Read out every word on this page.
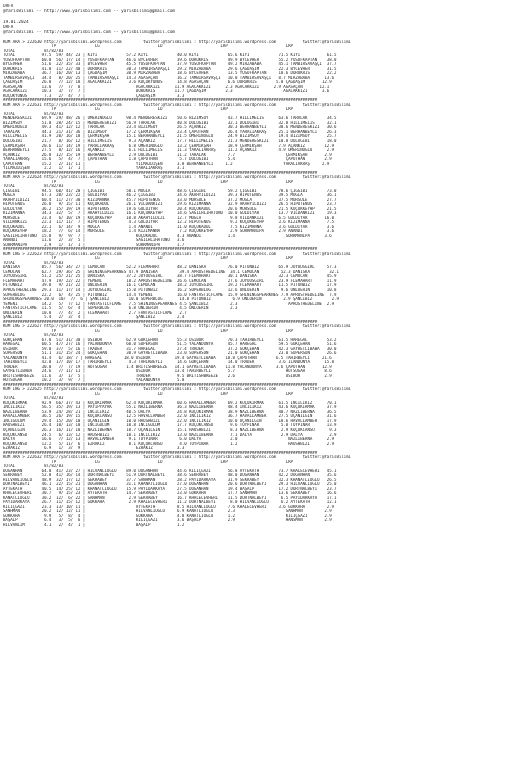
URFA
@YarisBilimi -- http://www.yarisbilimi.com -- yarisbilimi@gmail.com
19.01.2024
URFA
@YarisBilimi -- http://www.yarisbilimi.com -- yarisbilimi@gmail.com
KUM ARA > 222630 http://yarisbilimi.wordpress.com         twitter:@YarisBilimi : http://yarisbilimi.wordpress.com           twitter:@YarisBilimi
TP                LG                        LD                        LRP                        LRP
TOTAL            8l/82/83
TOTAL           97.5  59/ 44/ 23 | KIYI            57.2 KIYI            40.0 KIYI            65.6 KIYI            71.5 KIYI           61.5
YUSUFKAPTAN     60.0  56/ 17/ 14 | YUSUFKAPTAN     46.6 BYCEVHER        39.6 DORUKRIS        49.9 BYCEVHER        55.2 YUSUFKAPTAN    38.0
BYCEVHER        51.6  22/ 35/ 33 | BYCEVHER        45.5 YUSUFKAPTAN     37.9 YUSUFKAPTAN     49.2 MIRZABABA       45.1 TAMBIRSAVAŞÇI  37.7
DORUKRIS        41.8  11/ 22/ 40 | DORUKRIS        30.3 TAMBIRSAVAŞÇI   29.2 MIRZABABA       29.6 ÇAĞDAŞIM        22.3 BYCEVHER       31.5
MIRZABABA       36.7  16/ 20/ 13 | ÇAĞDAŞIM        30.9 MIRZABABA       18.6 BYCEVHER        13.5 YUSUFKAPTAN     18.6 DORUKRIS       22.2
TAMBIRSAVAŞÇI   34.4   8/ 20/ 25 | TAMBIRSAVAŞÇI   14.3 AĞASAÇAN        16.2 TAMBIRSAVAŞÇI   10.0 TAMBIRSAVAŞÇI   8.7 MIRZABABA      13.6
ÇAĞDAŞIM        26.8   7/ 12/ 18 | AĞACAKKIZI       3.6 KÜÇÜKYUNUS      14.8 AĞASAÇAN        6.6 DORUKRIS        5.0 ÇAĞDAŞIM       12.9
AĞASAÇAN        13.6   7/  7/  8 |                     AĞACAKKIZI      11.9 AĞACAKKIZI      2.3 AĞACAKKIZI      2.9 AĞASAÇAN       12.1
AĞACAKKIZI      10.3   3/  7/  7 |                     DORUKRIS        11.7 ÇAĞDAŞIM        2.3                     AĞACAKKIZI      3.6
KÜÇÜKYUNUS       7.3   2/  4/  7 |                     ÇAĞDAŞIM         3.3
##################################################################################################################################
KUM ARA > 222631 http://yarisbilimi.wordpress.com         twitter:@YarisBilimi : http://yarisbilimi.wordpress.com           twitter:@YarisBilimi
TP                LG                        LD                        LRP                        LRP
TOTAL            8l/82/83
MENDERESKIZI    69.9  29/ 48/ 26 | ÖMERİNOĞLU      98.4 MENDERESKIZI    50.6 BIZIMSOY        43.7 HILLİMELİS      63.6 TARALAK        34.5
BIZIMSOY        51.0  28/ 24/ 15 | MENDERESKIZI    56.9 TARALAK         40.8 DOLUGIBI        32.1 DOLUGIBI        32.8 HILLİMELİS     32.1
ÖMERİNOĞLU      49.3  41/ 12/ 12 | TARALAK         23.4 BIZIMSOY        26.5 AÇANKIZ         30.3 BERHANBEYLI     30.6 MENDERESKIZI   30.6
TARALAK         44.3  21/ 31/ 36 | BIZIMSOY        17.2 ÇERMİKŞAH       23.4 ÇAPUTHAN        26.4 YARALIAKRAŞ     25.1 BERHANBEYLI    26.3
HILLİMELİS      41.9  20/ 16/ 18 | ÇERMİKŞAH       15.1 BERHANBEYLI     21.5 ÖMERİNOĞLU      24.9 BIZIMSOY        19.4 BIZIMSOY       25.7
DOLUGIBI        21.7   8/ 16/ 12 | HILLİMELİS       9.3 AÇANKIZ         17.7 HILLİMELİS      21.3 MENDERESKIZI    10.8 DOLUGIBI       18.0
ÇERMİKŞAH       20.6  11/ 14/ 19 | YARALIAKRAŞ      6.8 ÖMERİNOĞLU      13.2 ÇERMİKŞAH       18.9 ÇERMİKŞAH       7.9 AÇANKIZ        12.9
BERHANBEYLI     27.5   8/ 12/ 16 | AÇANKIZ          6.1 HILLİMELİS      11.3 YARALIAKRAŞ     11.2 AÇANKIZ         4.9 ÖMERİNOĞLU      2.9
AÇANKIZ         26.8  12/ 15/ 19 | BERHANBEYLI      2.9 DOLUGIBI        11.2 TARALAK         7.7                     ÇERMİKŞAH       2.9
YARALIAKRAŞ     15.6   5/  4/  7 | ÇAPUTHAN         1.8 ÇAPUTHAN         5.7 DOLUGIBI        5.4                     ÇAPUTHAN        2.9
ÇAPUTHAN        15.2   2/ 11/ 11 |                     YILMAZDİŞEN      3.8 BERHANBEYLI     1.2                     YARALIAKRAŞ     2.9
YILMAZDİŞEN      2.2   1/  1/  1 |                     YARALIAKRAŞ      3.1
##################################################################################################################################
KUM ARA > 222624 http://yarisbilimi.wordpress.com         twitter:@YarisBilimi : http://yarisbilimi.wordpress.com           twitter:@YarisBilimi
TP                LG                        LD                        LRP                        LRP
TOTAL            8l/82/83
ÇIĞGIBI         94.5  60/ 41/ 20 | ÇIĞGIBI         50.1 MUĞLA           48.6 ÇIĞGIBI         59.2 ÇIĞGIBI         78.6 ÇIĞGIBI        73.0
MUĞLA           67.3  20/ 23/ 22 | GÜLDIYAR        46.2 ÇIĞGIBI         34.6 AKAHYILDIZI     39.3 HIPOTENÜS       39.5 MUĞLA          36.1
AKAHYILDIZI     60.4  11/ 27/ 30 | KIZIMANNA       45.7 HIPOTENÜS       33.0 MURSULE         37.2 MUĞLA           37.5 MURSULE        27.7
HIPOTENÜS       26.8   9/ 15/ 11 | KÜÇÜKADUL       26.1 VILDANKIZI      29.6 KIZIMANNA       32.9 AKAHYILDIZI     26.5 HIPOTENÜS      23.7
GÜLDIYAR        36.2  15/ 19/ 19 | HIPOTENÜS       19.6 GÜLDIYAR        20.4 KÜÇÜKADUL       20.6 MURSULE         21.5 KÜÇÜKKEYHP     21.5
KIZIMANNA       34.3  32/  5/  7 | AKAHYILDIZI     16.1 KÜÇÜKKEYHP      14.6 SAĞILHLIHATUNU  10.0 GÜLDIYAR        13.7 VILDANKIZI     19.3
MURSULE         23.4   6/ 10/ 19 | KÜÇÜKKEYHP      10.8 AKAHYILDIZI     12.7 MUĞLA            9.8 VILDANKIZI      6.5 GÜLDIYAR       16.0
VILDANKIZI      22.3  11/ 11/  7 | HIPOTENÜS        4.3 GÜLDIYAR        12.2 HIPOTENÜS        9.2 KÜÇÜKKEYHP      3.6 KIZIMANNA       7.5
KÜÇÜKADUL       22.1   6/ 14/  9 | MUĞLA            1.4 ANANDI          11.0 KÜÇÜKADUL        7.5 KIZIMANNA       3.6 GÜLDIYAR        3.6
KÜÇÜKKEYHP      18.2   7/  6/ 14 | MURSULE          1.4 KIZIMANNA        7.2 KÜÇÜKKEYHP       2.9 SÜRRMANIPA      2.9 ANANDI          3.6
SAĞILHLIHATUNU  15.8   9/  9/  7 |                     KÜÇÜKADUL        4.3 ANANDI           1.4                     SÜRRMANIPA      3.6
ANANDI          11.6   2/  3/  5 |                     SAĞILHLIHATUNU   3.6
SÜRRMANIPA       2.9   1/  1/  1 |                     SÜRRMANIPA       1.7
##################################################################################################################################
KUM İNG > 222623 http://yarisbilimi.wordpress.com         twitter:@YarisBilimi : http://yarisbilimi.wordpress.com           twitter:@YarisBilimi
TP                LG                        LD                        LRP                        LRP
TOTAL            8l/82/83
DANISKA         85.7  56/ 34/ 27 | CEMOCAN         52.2 FLEMAHART       48.2 DANISKA         76.0 PITONBIZ        65.9 JOYOUSGIRL     57.3
CEMOCAN         62.7  29/ 36/ 25 | SHININGSPEARKNES 47.9 DANISKA         39.4 APROSTHEDELINE  34.1 CEMOCAN         52.3 DANISKA        32.1
JOYOUSGIRL      51.2  25/ 21/ 25 | DANISKA         37.2 JOYOUSGIRL      38.7 FLEMAHART       30.1 DANISKA         32.3 CEMOCAN        45.9
FLEMAHART       47.9  19/ 22/ 22 | YEMENI          18.2 APROSTHEDELINE  26.6 CEMOCAN         27.6 JOYOUSGIRL      23.9 FLEMAHART      11.9
PITONBIZ        39.8   9/ 21/ 22 | ÜNLÜERIN        16.1 CEMOCAN         18.2 JOYOUSGIRL      19.2 FLEMAHART       11.5 PITONBIZ       17.9
APROSTHEDELINE  29.3  11/ 17/ 14 | JOYOUSGIRL      15.0 PITONBIZ        16.2 SÜPERBLOG       12.6 ÜNLÜERIN         9.6 ÜNLÜERIN       10.8
SÜPERBLOG       22.2   6/  4/ 25 | PITONBIZ        14.4 YEMENI          16.0 FANTASTICFLAME  15.9 SHININGSPEARKNES 7.9 APROSTHEDELINE  7.9
SHININGSPEARKNES 20.0  10/  7/  6 | ŞANLIBIZ        10.0 SÜPERBLOG       14.8 PITONBIZ         6.9 ÜNLÜERIN         2.9 ŞANLIBIZ        2.9
YEMENI          14.2   5/  7/ 12 | FANTASTICFLAME   7.5 SHININGSPEARKNES 4.5 ŞANLIBIZ         2.3                     APROSTHEDELINE  2.9
FANTASTICFLAME  11.5   5/  6/  4 | SÜPERBLOG        6.8 ÜNLÜERIN         4.5 ÜNLÜERIN         2.3
ÜNLÜERIN        10.8   7/  4/  2 | FLEMAHART        2.7 FANTASTICFLAME   2.7
ŞANLIBIZ         5.4   2/  3/  4 |                     ŞANLIBIZ         2.4
##################################################################################################################################
KUM İNG > 222627 http://yarisbilimi.wordpress.com         twitter:@YarisBilimi : http://yarisbilimi.wordpress.com           twitter:@YarisBilimi
TP                LG                        LD                        LRP                        LRP
TOTAL            8l/82/83
GÖKÇEHAN        67.8  51/ 31/ 30 | OSIBOR          62.9 GÖKÇEHAN        55.3 OSIBOR          70.3 TAHIRBEYLI      61.5 HAREGAL        53.2
HAREGAL         60.5  47/ 27/ 16 | YALANDÜNYA      60.0 SUPERSON        51.5 YALANDÜNYA      45.7 HAREGAL         59.5 GÖKÇEHAN       51.6
OSIBOR          59.0  37/  5/ 16 | TRADER          31.7 HAREGAL         27.4 TRADER          37.2 GÖKÇEHAN        42.3 GAYRETLİBABA   30.0
SUPERSON        51.1  31/ 15/ 24 | GÖKÇEHAN        30.9 GAYRETLİBABA    23.0 SUPERSON        21.0 GÖKÇEHAN        23.0 SUPERSON       26.6
YALANDÜNYA      41.4   6/ 18/ 7 | HAREGAL         18.0 OSIBOR          19.4 GAYRETLİBABA    18.8 ÇAPUTHAN        6.5 TAHIRBEYLI     21.6
TAHIRBEYLI      42.0  17/ 10/ 17 | TAHIRBEYLI       4.3 TAHIRBEYLI      14.6 GÖKÇEHAN        14.0 TRADER          3.6 ILANDÜNYA      15.8
TRADER          30.0   7/  7/ 19 | HOTSUGAR        1.4 BRITISHBREEZE   14.1 GAYRETLİBABA    11.8 YALANDÜNYA      3.6 ÇAPUTHAN       12.9
GAYRETLİBABA    24.6   7/ 11/ 11 |                     OSIBOR          13.4 TAHIRBEYLI       5.7                     HOTSUGAR        8.6
BRITISHBREEZE   11.6   3/  1/  5 |                     TRADER           9.5 BRITISHBREEZE    2.6                     OSIBOR          2.9
HOTSUGAR        10.2   3/  9/  7 |                     YALANDÜNYA       5.0
##################################################################################################################################
KUM İNG > 222625 http://yarisbilimi.wordpress.com         twitter:@YarisBilimi : http://yarisbilimi.wordpress.com           twitter:@YarisBilimi
TP                LG                        LD                        LRP                        LRP
TOTAL            8l/82/83
KÜÇÜKIRMAK      92.9  66/ 37/ 43 | KÜÇÜKIRMAK      62.4 KÜÇÜKIRMAK      60.6 HAVALLAMBER     69.2 KÜÇÜKIRMAK      61.5 İNCİLİKIZ      70.1
İNCİLİKIZ       56.5  35/ 19/ 13 | PAYIPYAYAK      55.1 NAZLIBERNA      36.3 NAZLIBERNA      48.4 İNCİLİKIZ       43.6 KÜÇÜKIRMAK     37.9
NAZLIBERNA      53.9  24/ 28/ 21 | İNCİLİKIZ       40.5 DALYA           24.8 KÜÇÜKIRMAK      38.9 NAZLIBERNA      40.7 NAZLIBERNA     36.5
HAVALLAMBER     36.5  26/ 19/ 15 | KÜÇÜKCANSU      12.5 HAVALLAMBER     22.0 İNCİLİKIZ       36.7 HAVALLAMBER     27.5 UÇANILGIN      31.6
İNCİGÜLÜM       29.4  15/ 20/ 10 | UÇANILGIN       10.0 HAUSHBIZI       22.0 İNCİLİKIZ       10.0 UÇANILGIN       18.6 HAVALLAMBER    17.9
HAUSHBIZI       26.4  10/ 13/ 10 | İNCİGÜLÜM       10.8 İNCİGÜLÜM       17.7 KÜÇÜKCANSU       9.6 TOYPINAR         5.8 TOYPINAR       13.9
UÇANILGIN       26.3  16/ 11/ 10 | NAZLIBERNA      10.7 UÇANILGIN       15.1 HAUSHBIZI        8.3 NAZLIBERNA       2.9 KÜÇÜKCANSU      9.3
KÜÇÜKCANSU      24.5   6/ 13/ 12 | HAUSHBIZI       10.1 İNCİLİKIZ       13.0 NAZLIBERNA       7.1 DALYA            2.9 DALYA           2.9
DALYA           16.6   7/ 12/ 13 | HAVALLAMBER      9.1 TOYPINAR         6.0 DALYA            2.0                     NAZLIBERNA      2.9
KÜÇÜKCANSU      12.2   5/ 11/  6 | EZRAKIZ          8.1 KÜÇÜKCANSU       4.0 TOYPINAR         1.2                     HAUSHBIZI       2.9
EZRAKIZ          6.9   1/  3/  9 |                     EZRAKIZ          3.3
##################################################################################################################################
KUM ARA > 222632 http://yarisbilimi.wordpress.com         twitter:@YarisBilimi : http://yarisbilimi.wordpress.com           twitter:@YarisBilimi
TP                LG                        LD                        LRP                        LRP
TOTAL            8l/82/83
DOĞANHAN        64.0  41/ 23/ 27 | HILVANLIOĞLU    89.0 DOĞANHAN        44.6 KILIÇGAZİ       56.8 AYTEKATH        73.7 KHALECEVHERI   45.1
SEKRABEY        52.8  41/ 16/ 14 | DÖRTNALBEYI     51.9 DÖRTNALBEYI     38.6 SEKRABEY        48.0 DOĞANHAN        42.2 DOĞANHAN       35.6
HILVANLIOĞLU    48.9  32/ 17/ 12 | SEKRABEY        37.7 SANHMAN         28.2 PAYIDARKAYA     31.9 SEKRABEY        32.3 KHANATLIOĞLU   26.5
DÖRTNALBEYI     46.1  22/ 15/ 21 | DOĞANHAN        31.1 KHANATLIOĞLU    27.0 DOĞANHAN        20.6 DÖRTNALBEYI     29.3 HILVANLIOĞLU   25.0
AYTEKATH        40.5  14/ 25/ 12 | KHANATLIOĞLU    15.9 PAYIDARKAYA     27.5 DOĞANHAN        19.4 BAŞALP          17.2 DÖRTNALBEYI    23.7
KHALECEVHERI    30.7   9/ 15/ 23 | AYTEKATH        14.7 SEKRABEY        23.0 GÖKKAHA         17.7 SANHMAN         13.6 SEKRABEY       16.6
KANATLIOĞLU     30.2  12/  6/ 22 | SANHMAN          2.9 SEKRABEY        16.7 KHALECEVHERI    11.5 DÖRTNALBEYI      6.5 PAYIDARKAYA    17.1
PAYIDARKAYA     26.7  11/ 15/ 12 | GÖKKAHA          2.9 KHALECEVHERI    11.2 DÖRTNALBEYI      8.0 HILVANLIOĞLU     6.2 AYTEKATH       12.1
KILIÇGAZİ       23.3  13/ 10/ 11 |                     AYTEKATH         8.5 HILVANLIOĞLU     7.6 KHALECEVHERI     3.6 GÖKKAHA         2.9
SANHMAN         20.2  12/ 12/ 11 |                     HILVANLIOĞLU     6.9 KANATLIOĞLU      2.3                     SANHMAN         2.9
GÖKKAHA          9.9   5/  8/  4 |                     GÖKKAHA          4.8 KANATLIOĞLU      1.2                     KILIÇGAZİ       2.9
BAŞALP           6.4   3/  5/  6 |                     KILIÇGAZİ        3.6 BAŞALP           2.9                     HANSMAN         2.9
HILVANLIM        4.1   2/  4/  1 |                     BAŞALP           1.2
